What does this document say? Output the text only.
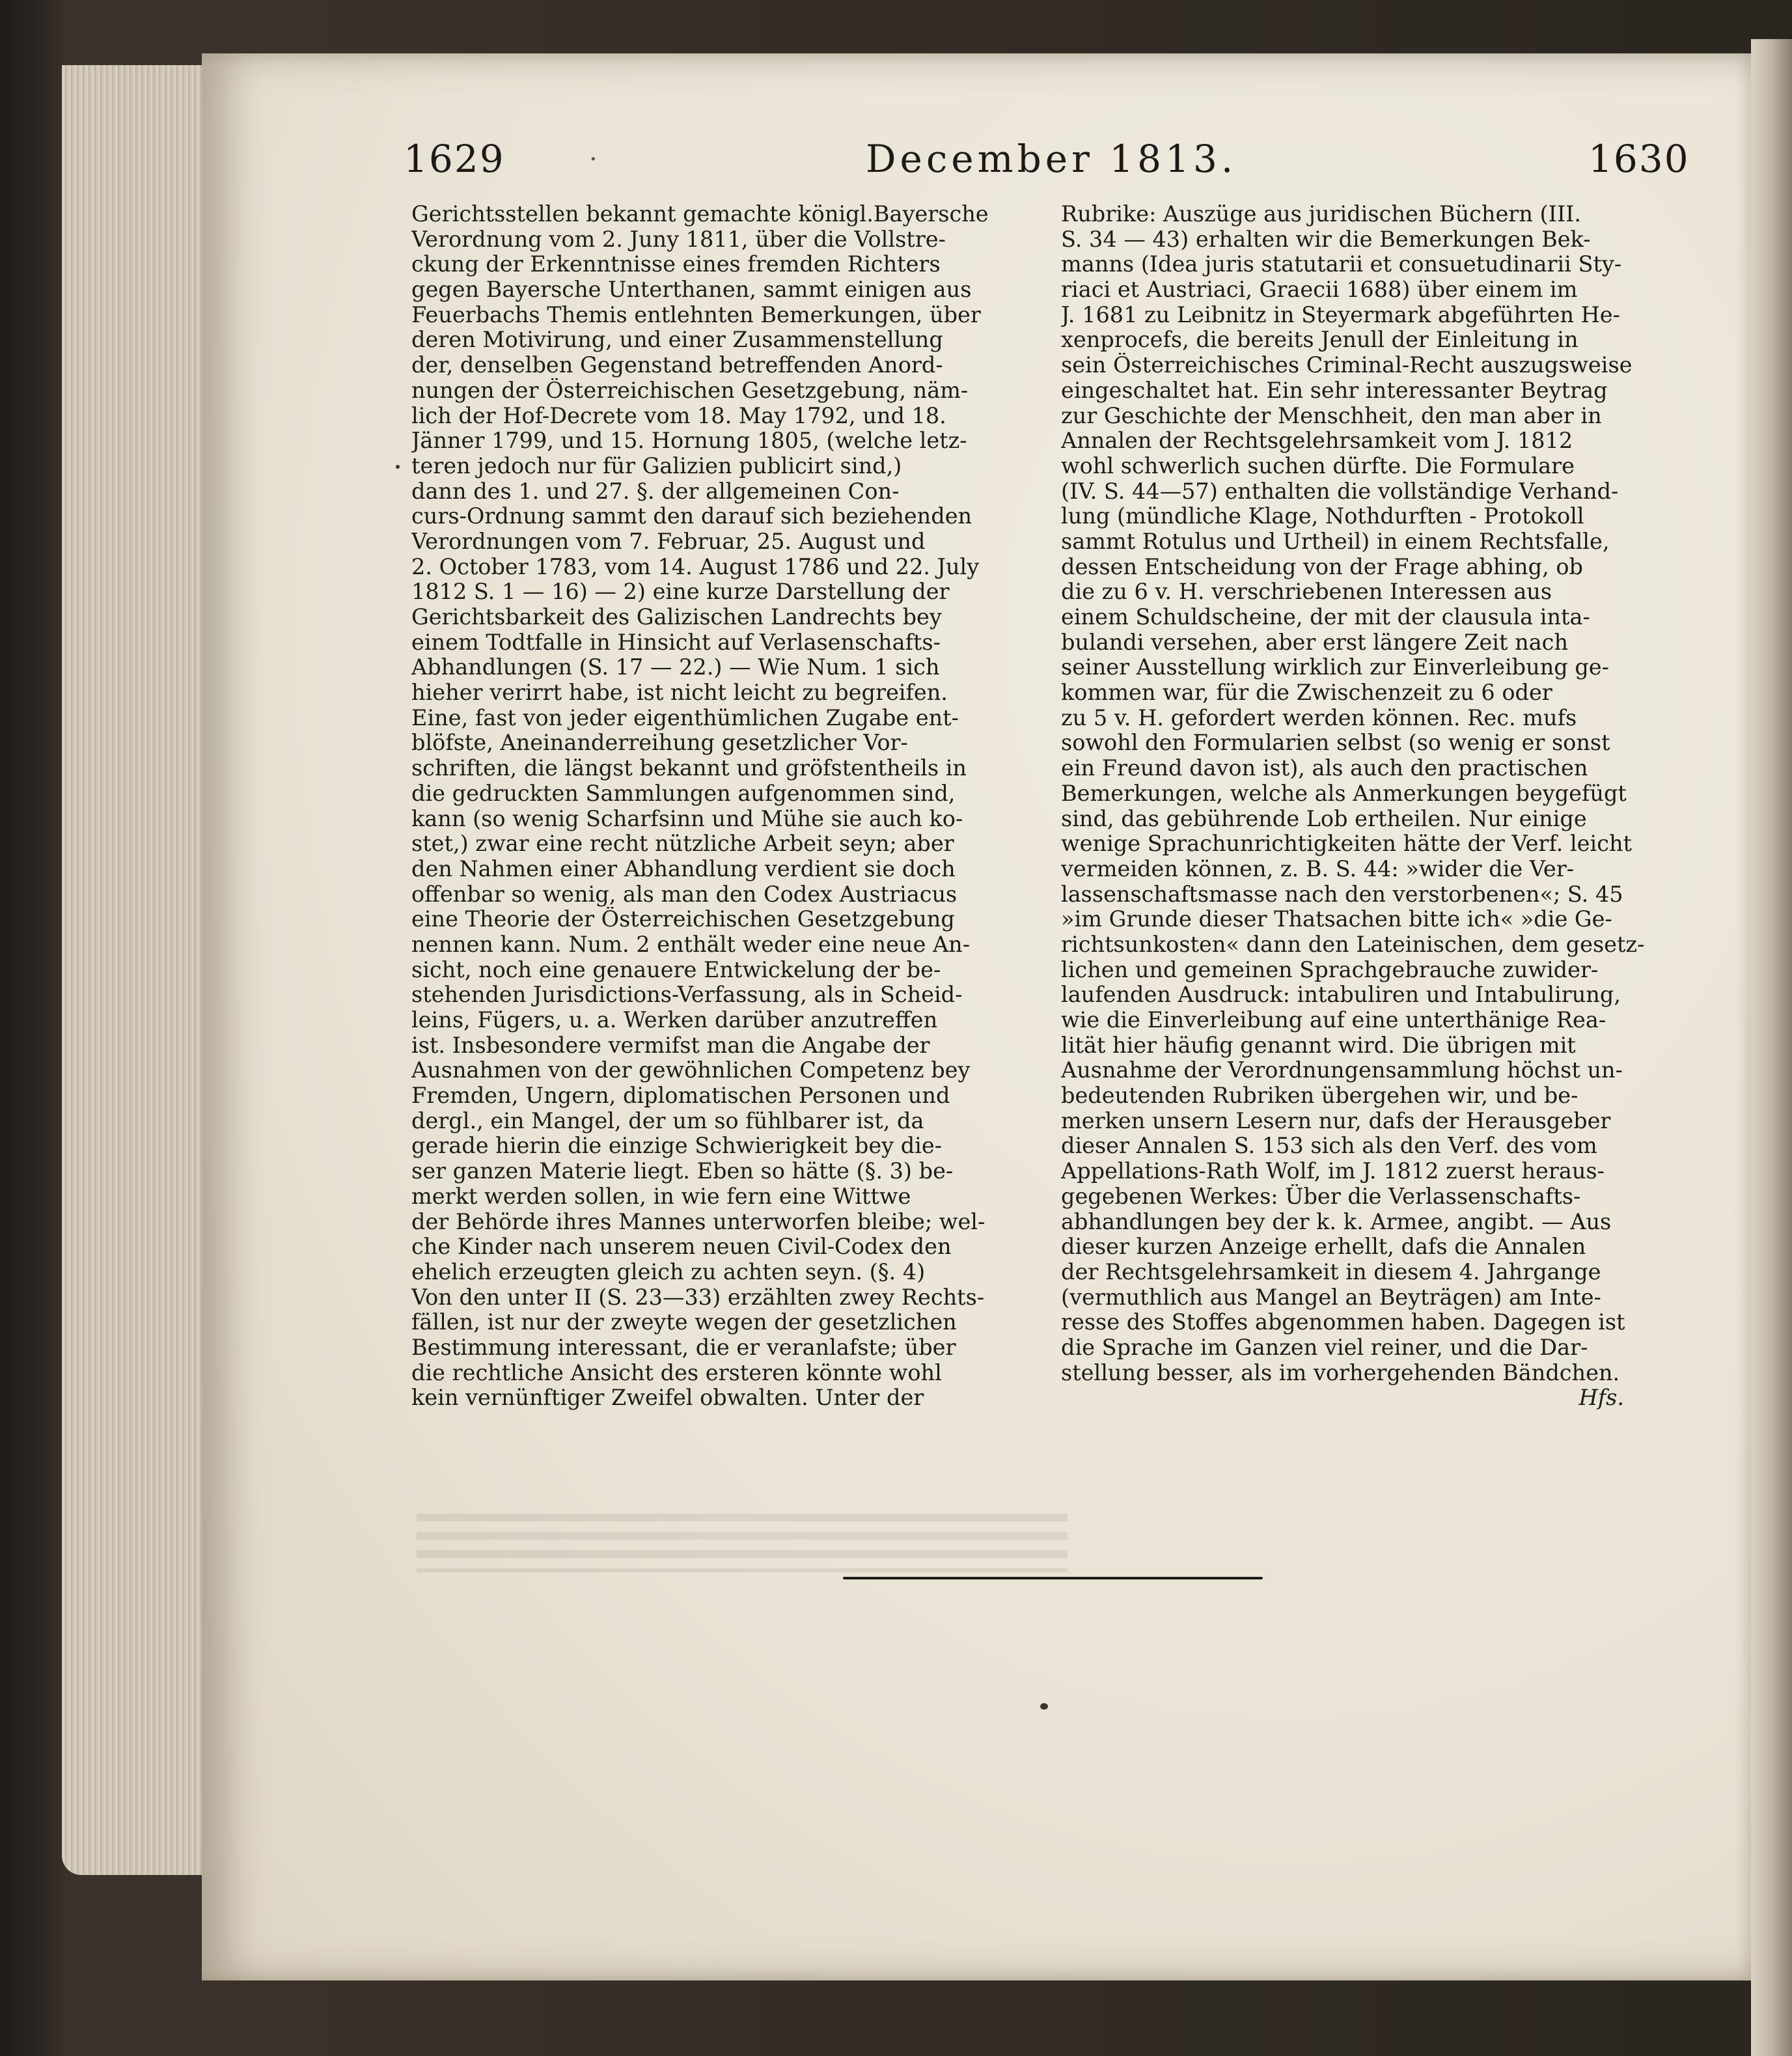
1629	.	December 1813.	1630
Gerichtsstellen bekannt gemachte königl.Bayersche
Verordnung vom 2. Juny 1811, über die Vollstre-
ckung der Erkenntnisse eines fremden Richters
gegen Bayersche Unterthanen, sammt einigen aus
Feuerbachs Themis entlehnten Bemerkungen, über
deren Motivirung, und einer Zusammenstellung
der, denselben Gegenstand betreffenden Anord-
nungen der Österreichischen Gesetzgebung, näm-
lich der Hof-Decrete vom 18. May 1792, und 18.
Jänner 1799, und 15. Hornung 1805, (welche letz-
teren jedoch nur für Galizien publicirt sind,)
dann des 1. und 27. §. der allgemeinen Con-
curs-Ordnung sammt den darauf sich beziehenden
Verordnungen vom 7. Februar, 25. August und
2. October 1783, vom 14. August 1786 und 22. July
1812 S. 1 — 16) — 2) eine kurze Darstellung der
Gerichtsbarkeit des Galizischen Landrechts bey
einem Todtfalle in Hinsicht auf Verlasenschafts-
Abhandlungen (S. 17 — 22.) — Wie Num. 1 sich
hieher verirrt habe, ist nicht leicht zu begreifen.
Eine, fast von jeder eigenthümlichen Zugabe ent-
blöfste, Aneinanderreihung gesetzlicher Vor-
schriften, die längst bekannt und gröfstentheils in
die gedruckten Sammlungen aufgenommen sind,
kann (so wenig Scharfsinn und Mühe sie auch ko-
stet,) zwar eine recht nützliche Arbeit seyn; aber
den Nahmen einer Abhandlung verdient sie doch
offenbar so wenig, als man den Codex Austriacus
eine Theorie der Österreichischen Gesetzgebung
nennen kann. Num. 2 enthält weder eine neue An-
sicht, noch eine genauere Entwickelung der be-
stehenden Jurisdictions-Verfassung, als in Scheid-
leins, Fügers, u. a. Werken darüber anzutreffen
ist. Insbesondere vermifst man die Angabe der
Ausnahmen von der gewöhnlichen Competenz bey
Fremden, Ungern, diplomatischen Personen und
dergl., ein Mangel, der um so fühlbarer ist, da
gerade hierin die einzige Schwierigkeit bey die-
ser ganzen Materie liegt. Eben so hätte (§. 3) be-
merkt werden sollen, in wie fern eine Wittwe
der Behörde ihres Mannes unterworfen bleibe; wel-
che Kinder nach unserem neuen Civil-Codex den
ehelich erzeugten gleich zu achten seyn. (§. 4)
Von den unter II (S. 23—33) erzählten zwey Rechts-
fällen, ist nur der zweyte wegen der gesetzlichen
Bestimmung interessant, die er veranlafste; über
die rechtliche Ansicht des ersteren könnte wohl
kein vernünftiger Zweifel obwalten. Unter der
Rubrike: Auszüge aus juridischen Büchern (III.
S. 34 — 43) erhalten wir die Bemerkungen Bek-
manns (Idea juris statutarii et consuetudinarii Sty-
riaci et Austriaci, Graecii 1688) über einem im
J. 1681 zu Leibnitz in Steyermark abgeführten He-
xenprocefs, die bereits Jenull der Einleitung in
sein Österreichisches Criminal-Recht auszugsweise
eingeschaltet hat. Ein sehr interessanter Beytrag
zur Geschichte der Menschheit, den man aber in
Annalen der Rechtsgelehrsamkeit vom J. 1812
wohl schwerlich suchen dürfte. Die Formulare
(IV. S. 44—57) enthalten die vollständige Verhand-
lung (mündliche Klage, Nothdurften - Protokoll
sammt Rotulus und Urtheil) in einem Rechtsfalle,
dessen Entscheidung von der Frage abhing, ob
die zu 6 v. H. verschriebenen Interessen aus
einem Schuldscheine, der mit der clausula inta-
bulandi versehen, aber erst längere Zeit nach
seiner Ausstellung wirklich zur Einverleibung ge-
kommen war, für die Zwischenzeit zu 6 oder
zu 5 v. H. gefordert werden können. Rec. mufs
sowohl den Formularien selbst (so wenig er sonst
ein Freund davon ist), als auch den practischen
Bemerkungen, welche als Anmerkungen beygefügt
sind, das gebührende Lob ertheilen. Nur einige
wenige Sprachunrichtigkeiten hätte der Verf. leicht
vermeiden können, z. B. S. 44: »wider die Ver-
lassenschaftsmasse nach den verstorbenen«; S. 45
»im Grunde dieser Thatsachen bitte ich« »die Ge-
richtsunkosten« dann den Lateinischen, dem gesetz-
lichen und gemeinen Sprachgebrauche zuwider-
laufenden Ausdruck: intabuliren und Intabulirung,
wie die Einverleibung auf eine unterthänige Rea-
lität hier häufig genannt wird. Die übrigen mit
Ausnahme der Verordnungensammlung höchst un-
bedeutenden Rubriken übergehen wir, und be-
merken unsern Lesern nur, dafs der Herausgeber
dieser Annalen S. 153 sich als den Verf. des vom
Appellations-Rath Wolf, im J. 1812 zuerst heraus-
gegebenen Werkes: Über die Verlassenschafts-
abhandlungen bey der k. k. Armee, angibt. — Aus
dieser kurzen Anzeige erhellt, dafs die Annalen
der Rechtsgelehrsamkeit in diesem 4. Jahrgange
(vermuthlich aus Mangel an Beyträgen) am Inte-
resse des Stoffes abgenommen haben. Dagegen ist
die Sprache im Ganzen viel reiner, und die Dar-
stellung besser, als im vorhergehenden Bändchen.
Hfs.
